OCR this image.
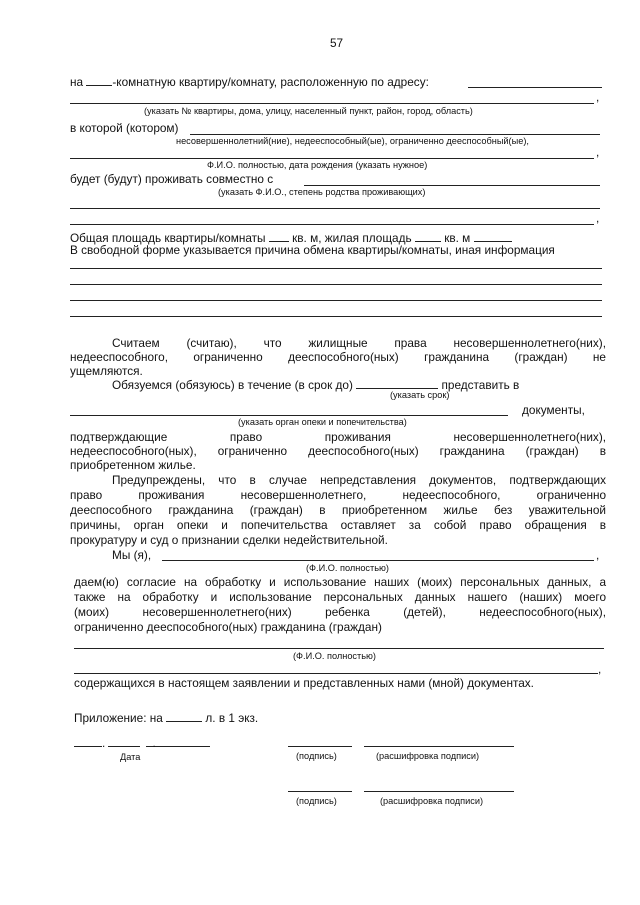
57
на -комнатную квартиру/комнату, расположенную по адресу:
,
(указать № квартиры, дома, улицу, населенный пункт, район, город, область)
в которой (котором)
несовершеннолетний(ние), недееспособный(ые), ограниченно дееспособный(ые),
,
Ф.И.О. полностью, дата рождения (указать нужное)
будет (будут) проживать совместно с
(указать Ф.И.О., степень родства проживающих)
,
Общая площадь квартиры/комнаты кв. м, жилая площадь	кв. м
В свободной форме указывается причина обмена квартиры/комнаты, иная информация
Считаем (считаю), что жилищные права несовершеннолетнего(них),
недееспособного, ограниченно дееспособного(ных) гражданина (граждан) не
ущемляются.
Обязуемся (обязуюсь) в течение (в срок до)	представить в
(указать срок)
документы,
(указать орган опеки и попечительства)
подтверждающие	право	проживания	несовершеннолетнего(них),
недееспособного(ных), ограниченно дееспособного(ных) гражданина (граждан) в
приобретенном жилье.
Предупреждены, что в случае непредставления документов, подтверждающих
право	проживания	несовершеннолетнего,	недееспособного,	ограниченно
дееспособного гражданина (граждан) в приобретенном жилье без уважительной
причины, орган опеки и попечительства оставляет за собой право обращения в
прокуратуру и суд о признании сделки недействительной.
Мы (я),	,
(Ф.И.О. полностью)
даем(ю) согласие на обработку и использование наших (моих) персональных данных, а
также на обработку и использование персональных данных нашего (наших) моего
(моих)	несовершеннолетнего(них)	ребенка	(детей),	недееспособного(ных),
ограниченно дееспособного(ных) гражданина (граждан)
(Ф.И.О. полностью)
,
содержащихся в настоящем заявлении и представленных нами (мной) документах.
Приложение: на	л. в 1 экз.
. .
Дата	(подпись)	(расшифровка подписи)
(подпись)	(расшифровка подписи)
